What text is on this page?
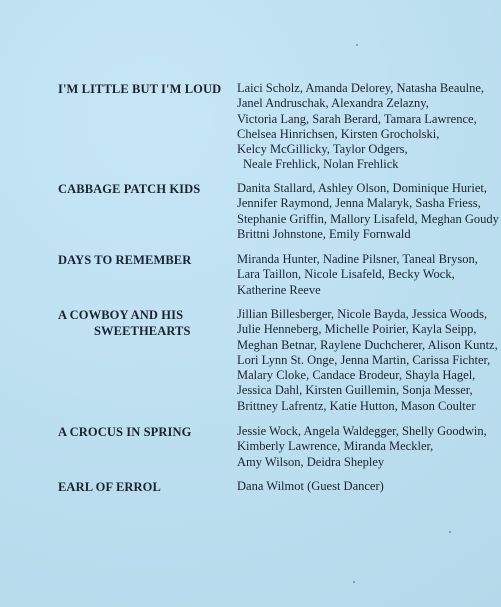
I'M LITTLE BUT I'M LOUD	Laici Scholz, Amanda Delorey, Natasha Beaulne,
Janel Andruschak, Alexandra Zelazny,
Victoria Lang, Sarah Berard, Tamara Lawrence,
Chelsea Hinrichsen, Kirsten Grocholski,
Kelcy McGillicky, Taylor Odgers,
Neale Frehlick, Nolan Frehlick
CABBAGE PATCH KIDS	Danita Stallard, Ashley Olson, Dominique Huriet,
Jennifer Raymond, Jenna Malaryk, Sasha Friess,
Stephanie Griffin, Mallory Lisafeld, Meghan Goudy
Brittni Johnstone, Emily Fornwald
DAYS TO REMEMBER	Miranda Hunter, Nadine Pilsner, Taneal Bryson,
Lara Taillon, Nicole Lisafeld, Becky Wock,
Katherine Reeve
A COWBOY AND HIS
SWEETHEARTS
Jillian Billesberger, Nicole Bayda, Jessica Woods,
Julie Henneberg, Michelle Poirier, Kayla Seipp,
Meghan Betnar, Raylene Duchcherer, Alison Kuntz,
Lori Lynn St. Onge, Jenna Martin, Carissa Fichter,
Malary Cloke, Candace Brodeur, Shayla Hagel,
Jessica Dahl, Kirsten Guillemin, Sonja Messer,
Brittney Lafrentz, Katie Hutton, Mason Coulter
A CROCUS IN SPRING	Jessie Wock, Angela Waldegger, Shelly Goodwin,
Kimberly Lawrence, Miranda Meckler,
Amy Wilson, Deidra Shepley
EARL OF ERROL	Dana Wilmot (Guest Dancer)
